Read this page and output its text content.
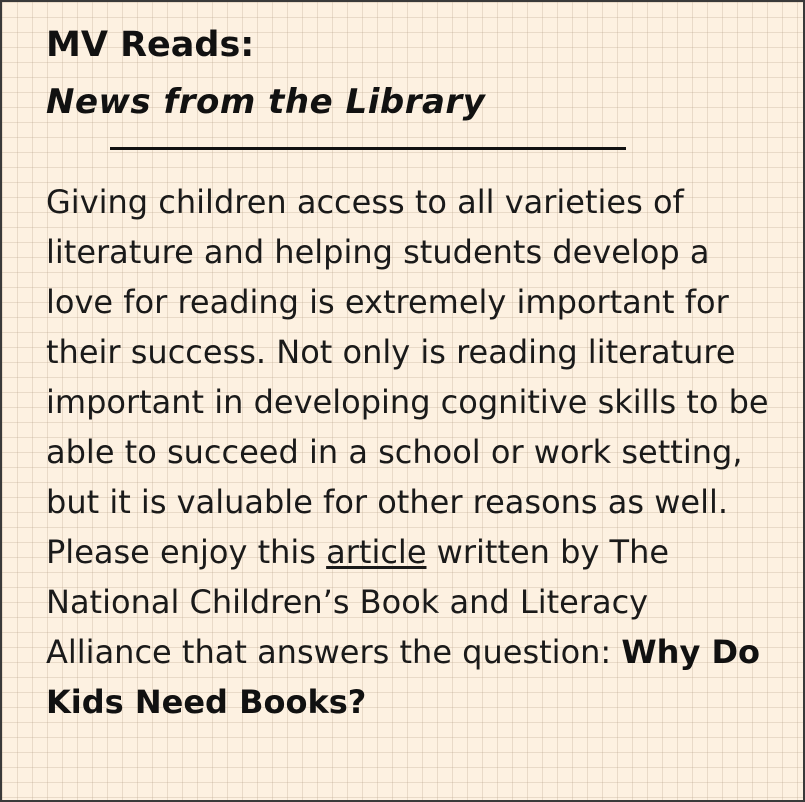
MV Reads:
News from the Library

Giving children access to all varieties of literature and helping students develop a love for reading is extremely important for their success. Not only is reading literature important in developing cognitive skills to be able to succeed in a school or work setting, but it is valuable for other reasons as well. Please enjoy this article written by The National Children’s Book and Literacy Alliance that answers the question: Why Do Kids Need Books?
